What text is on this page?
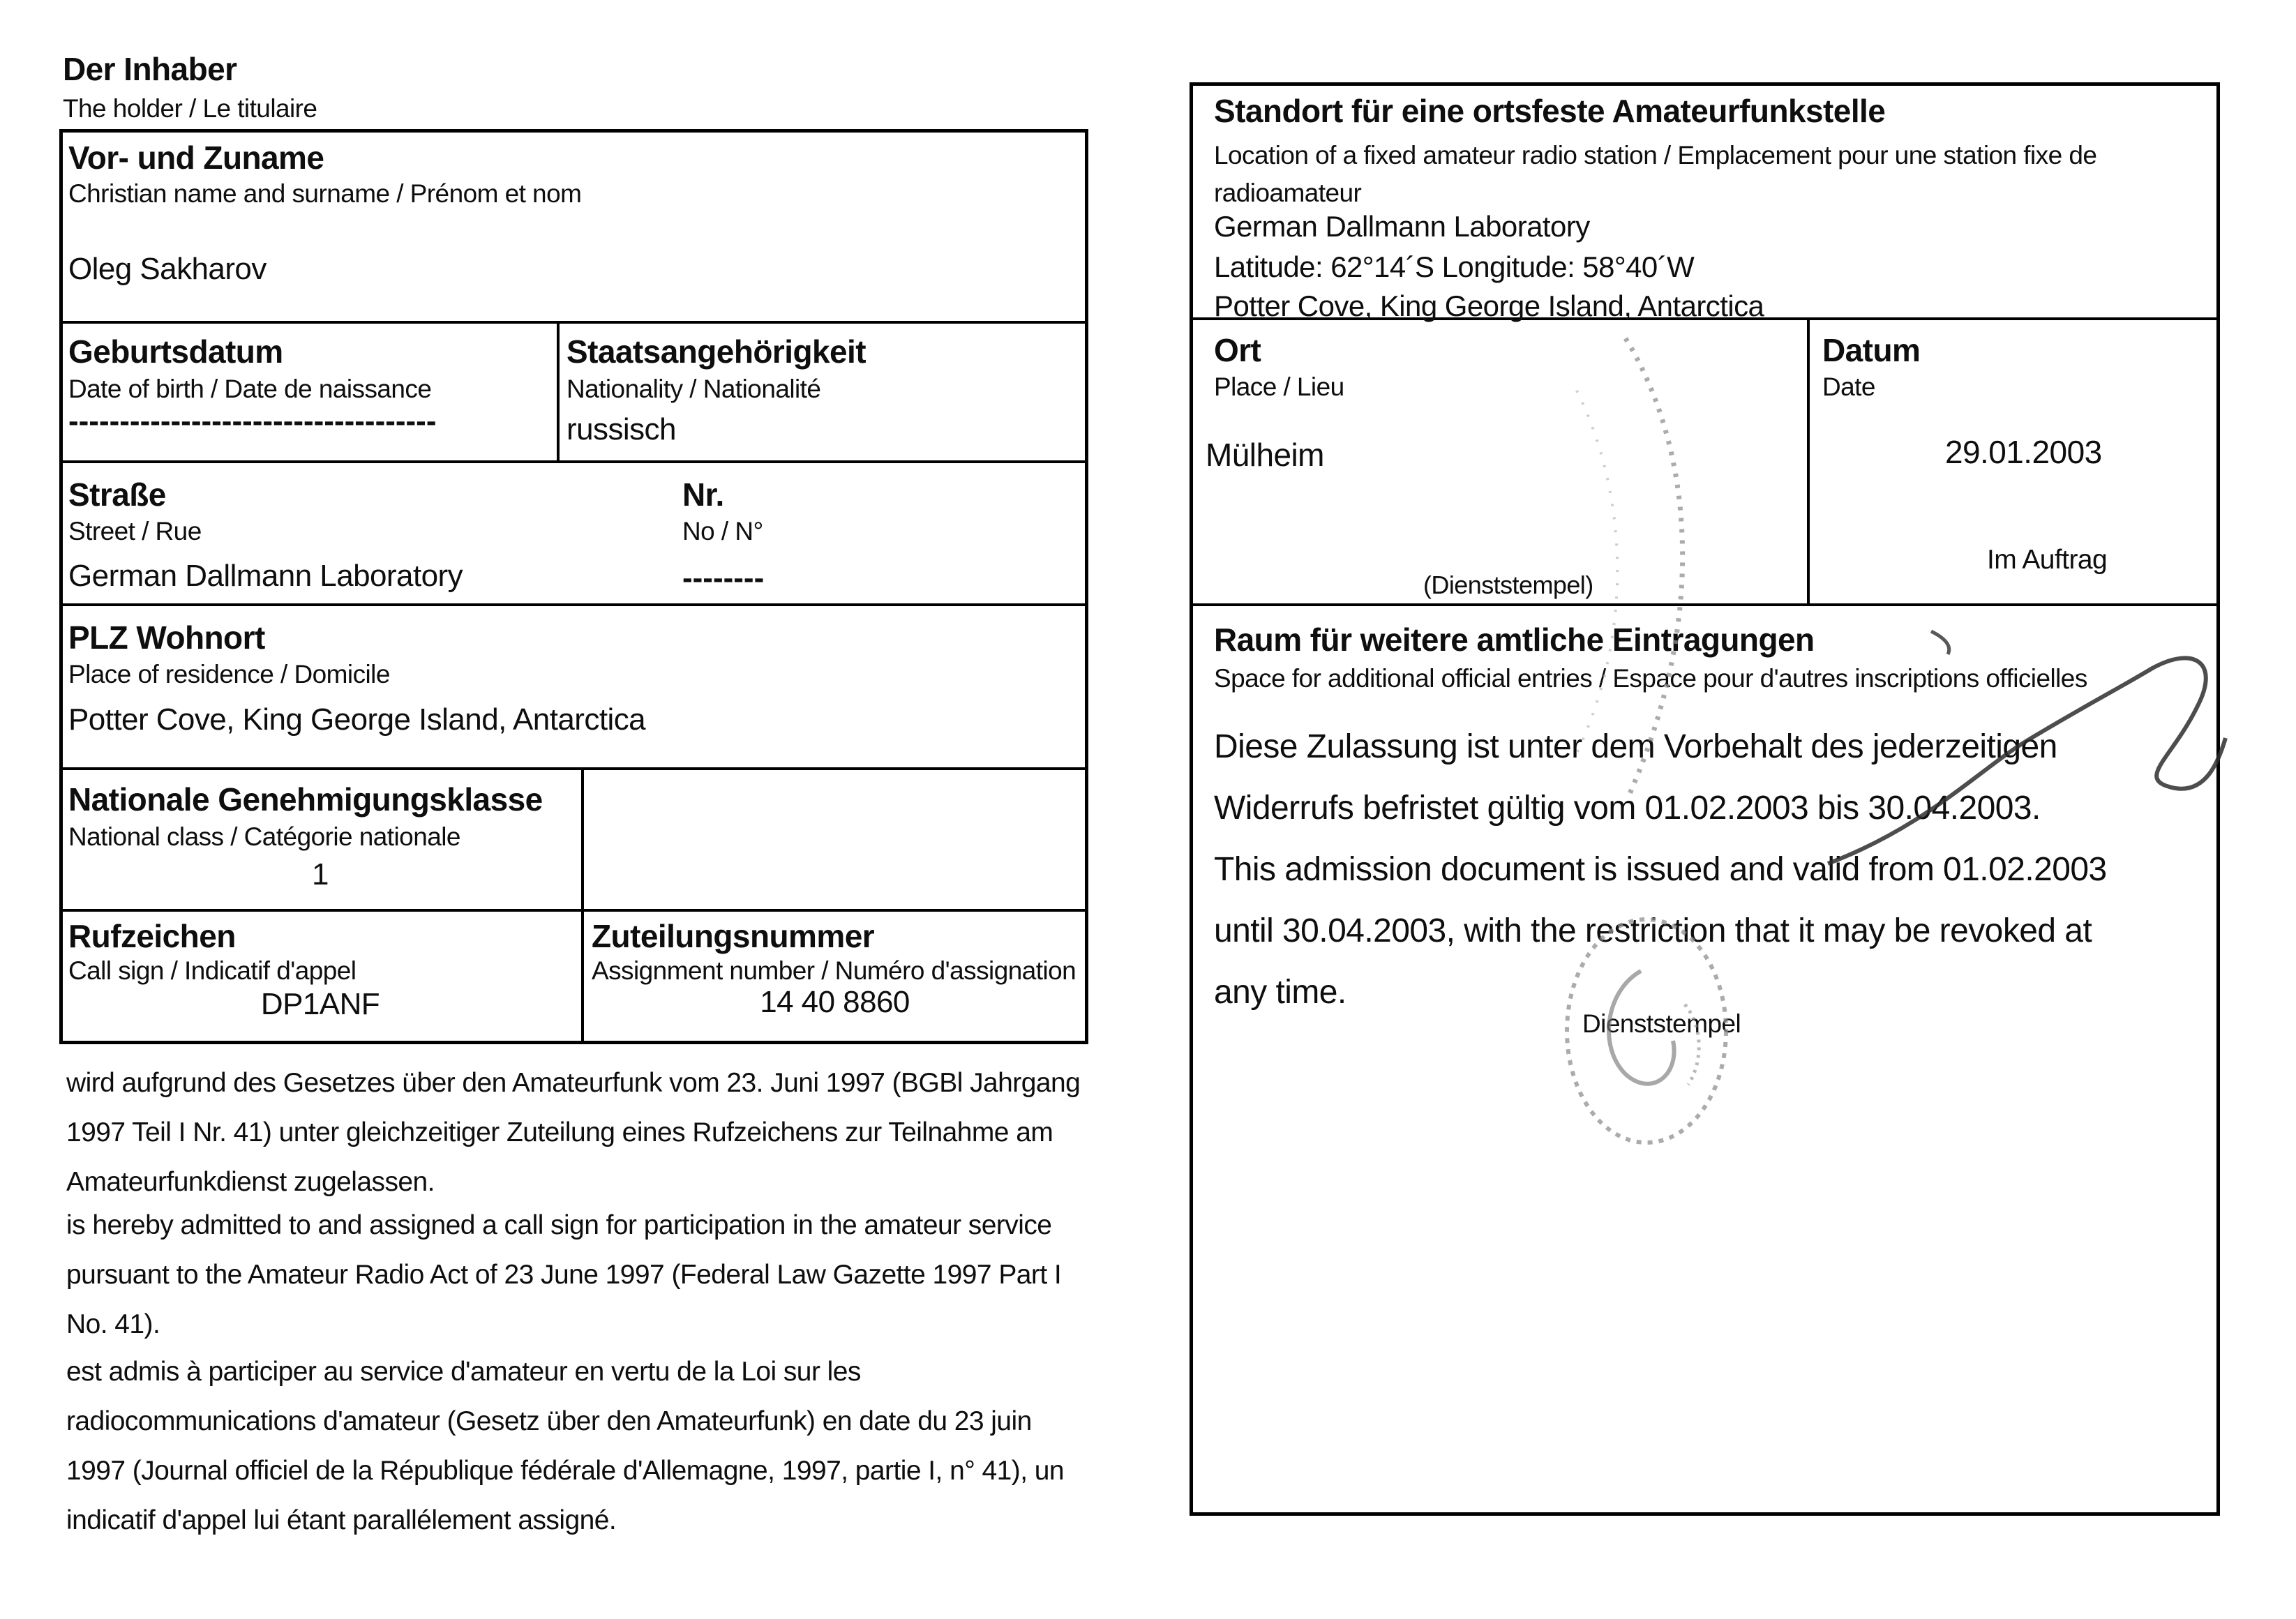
Der Inhaber
The holder / Le titulaire
Vor- und Zuname
Christian name and surname / Prénom et nom
Oleg Sakharov
Geburtsdatum
Date of birth / Date de naissance
------------------------------------
Staatsangehörigkeit
Nationality / Nationalité
russisch
Straße
Street / Rue
German Dallmann Laboratory
Nr.
No / N°
--------
PLZ Wohnort
Place of residence / Domicile
Potter Cove, King George Island, Antarctica
Nationale Genehmigungsklasse
National class / Catégorie nationale
1
Rufzeichen
Call sign / Indicatif d'appel
DP1ANF
Zuteilungsnummer
Assignment number / Numéro d'assignation
14 40 8860
wird aufgrund des Gesetzes über den Amateurfunk vom 23. Juni 1997 (BGBl Jahrgang 1997 Teil I Nr. 41) unter gleichzeitiger Zuteilung eines Rufzeichens zur Teilnahme am Amateurfunkdienst zugelassen.
is hereby admitted to and assigned a call sign for participation in the amateur service pursuant to the Amateur Radio Act of 23 June 1997 (Federal Law Gazette 1997 Part I No. 41).
est admis à participer au service d'amateur en vertu de la Loi sur les radiocommunications d'amateur (Gesetz über den Amateurfunk) en date du 23 juin 1997 (Journal officiel de la République fédérale d'Allemagne, 1997, partie I, n° 41), un indicatif d'appel lui étant parallélement assigné.
Standort für eine ortsfeste Amateurfunkstelle
Location of a fixed amateur radio station / Emplacement pour une station fixe de radioamateur
German Dallmann Laboratory
Latitude: 62°14´S Longitude: 58°40´W
Potter Cove, King George Island, Antarctica
Ort
Place / Lieu
Mülheim
(Dienststempel)
Datum
Date
29.01.2003
Im Auftrag
Raum für weitere amtliche Eintragungen
Space for additional official entries / Espace pour d'autres inscriptions officielles
Diese Zulassung ist unter dem Vorbehalt des jederzeitigen
Widerrufs befristet gültig vom 01.02.2003 bis 30.04.2003.
This admission document is issued and valid from 01.02.2003
until 30.04.2003, with the restriction that it may be revoked at
any time.
Dienststempel
